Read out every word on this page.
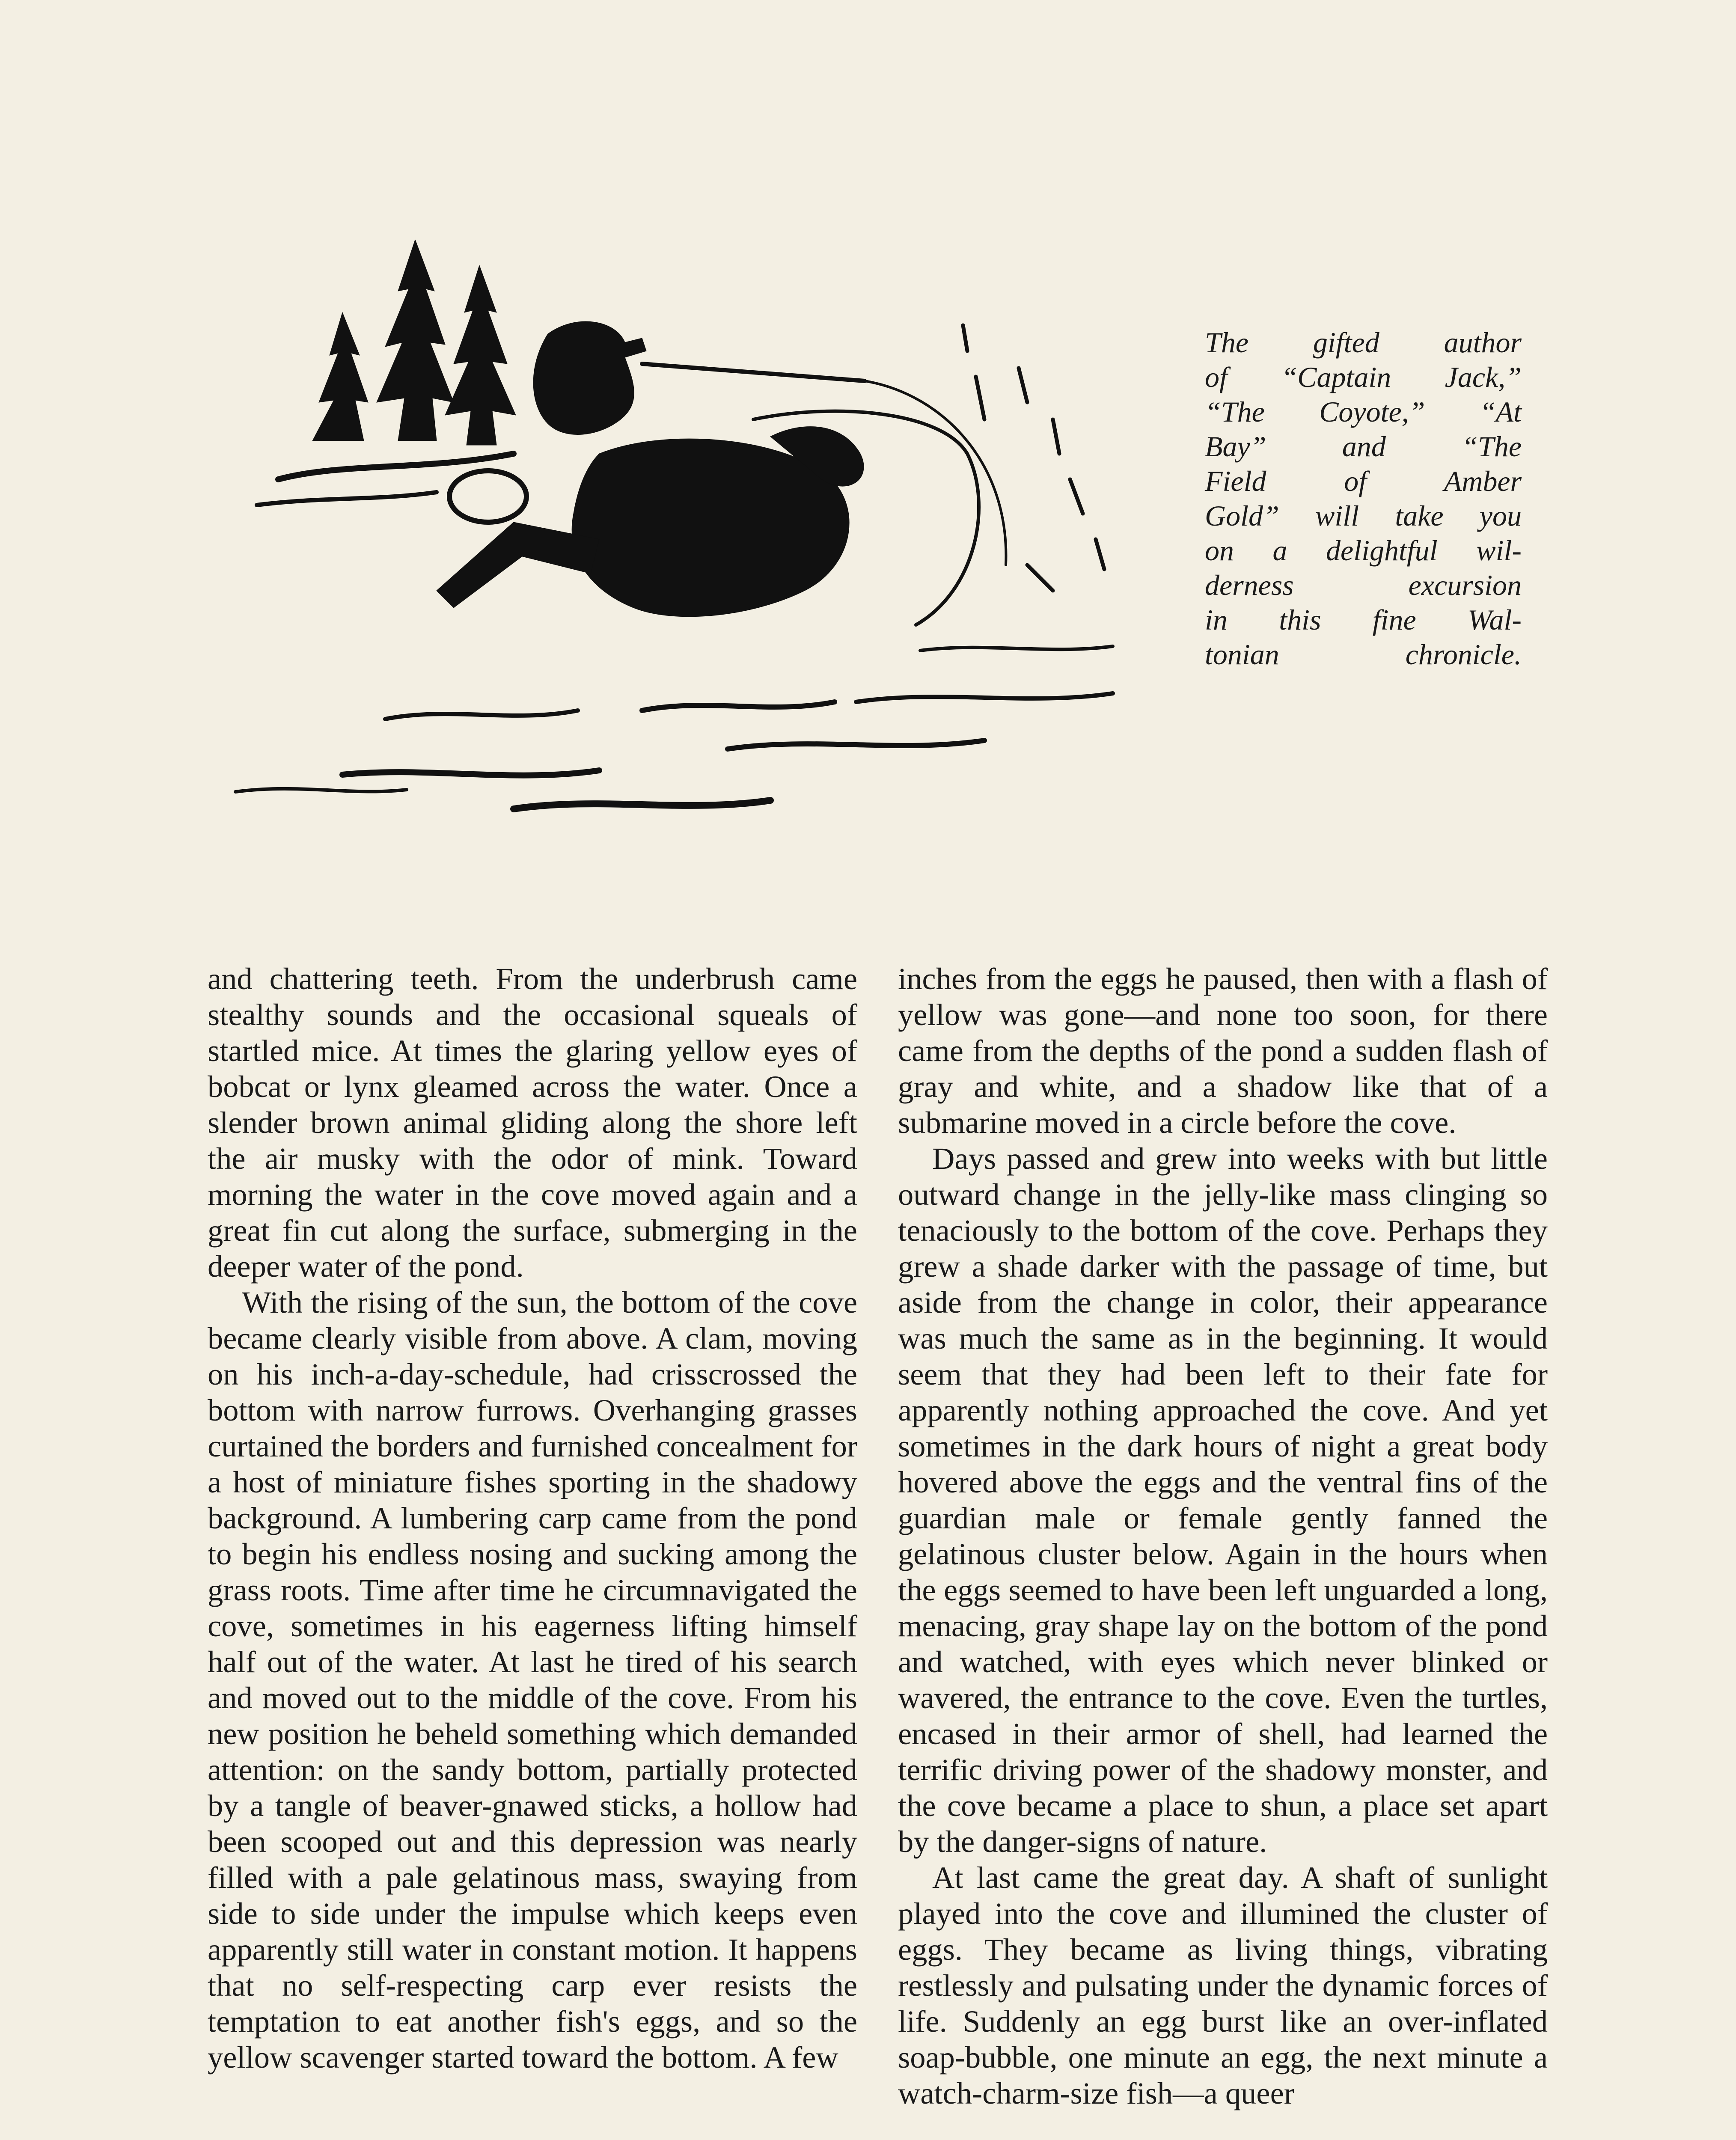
The gifted author
of “Captain Jack,”
“The Coyote,” “At
Bay” and “The
Field of Amber
Gold” will take you
on a delightful wil-
derness excursion
in this fine Wal-
tonian chronicle.

and chattering teeth. From the underbrush came stealthy sounds and the occasional squeals of startled mice. At times the glaring yellow eyes of bobcat or lynx gleamed across the water. Once a slender brown animal gliding along the shore left the air musky with the odor of mink. Toward morning the water in the cove moved again and a great fin cut along the surface, submerging in the deeper water of the pond.

With the rising of the sun, the bottom of the cove became clearly visible from above. A clam, moving on his inch-a-day-schedule, had crisscrossed the bottom with narrow furrows. Overhanging grasses curtained the borders and furnished concealment for a host of miniature fishes sporting in the shadowy background. A lumbering carp came from the pond to begin his endless nosing and sucking among the grass roots. Time after time he circumnavigated the cove, sometimes in his eagerness lifting himself half out of the water. At last he tired of his search and moved out to the middle of the cove. From his new position he beheld something which demanded attention: on the sandy bottom, partially protected by a tangle of beaver-gnawed sticks, a hollow had been scooped out and this depression was nearly filled with a pale gelatinous mass, swaying from side to side under the impulse which keeps even apparently still water in constant motion. It happens that no self-respecting carp ever resists the temptation to eat another fish's eggs, and so the yellow scavenger started toward the bottom. A few

inches from the eggs he paused, then with a flash of yellow was gone—and none too soon, for there came from the depths of the pond a sudden flash of gray and white, and a shadow like that of a submarine moved in a circle before the cove.

Days passed and grew into weeks with but little outward change in the jelly-like mass clinging so tenaciously to the bottom of the cove. Perhaps they grew a shade darker with the passage of time, but aside from the change in color, their appearance was much the same as in the beginning. It would seem that they had been left to their fate for apparently nothing approached the cove. And yet sometimes in the dark hours of night a great body hovered above the eggs and the ventral fins of the guardian male or female gently fanned the gelatinous cluster below. Again in the hours when the eggs seemed to have been left unguarded a long, menacing, gray shape lay on the bottom of the pond and watched, with eyes which never blinked or wavered, the entrance to the cove. Even the turtles, encased in their armor of shell, had learned the terrific driving power of the shadowy monster, and the cove became a place to shun, a place set apart by the danger-signs of nature.

At last came the great day. A shaft of sunlight played into the cove and illumined the cluster of eggs. They became as living things, vibrating restlessly and pulsating under the dynamic forces of life. Suddenly an egg burst like an over-inflated soap-bubble, one minute an egg, the next minute a watch-charm-size fish—a queer
